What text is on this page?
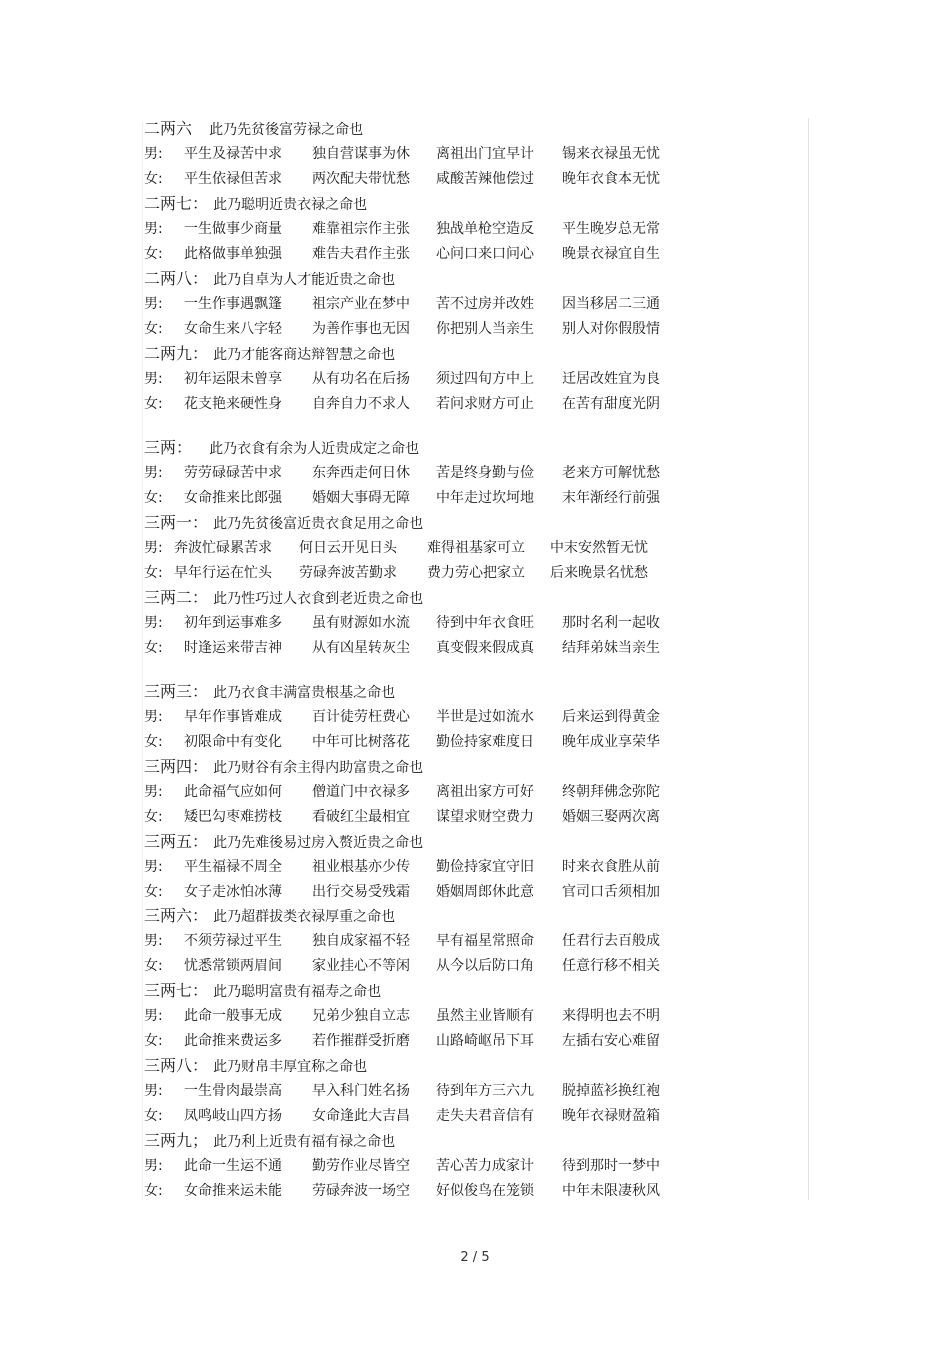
二两六 此乃先贫後富劳禄之命也
男: 平生及禄苦中求 独自营谋事为休 离祖出门宜早计 锡来衣禄虽无忧
女: 平生依禄但苦求 两次配夫带忧愁 咸酸苦辣他偿过 晚年衣食本无忧
二两七： 此乃聪明近贵衣禄之命也
男: 一生做事少商量 难靠祖宗作主张 独战单枪空造反 平生晚岁总无常
女: 此格做事单独强 难告夫君作主张 心问口来口问心 晚景衣禄宜自生
二两八： 此乃自卓为人才能近贵之命也
男: 一生作事遇飘篷 祖宗产业在梦中 苦不过房并改姓 因当移居二三通
女: 女命生来八字轻 为善作事也无因 你把别人当亲生 别人对你假殷情
二两九： 此乃才能客商达辩智慧之命也
男: 初年运限未曾享 从有功名在后扬 须过四旬方中上 迁居改姓宜为良
女: 花支艳来硬性身 自奔自力不求人 若问求财方可止 在苦有甜度光阴
三两： 此乃衣食有余为人近贵成定之命也
男: 劳劳碌碌苦中求 东奔西走何日休 苦是终身勤与俭 老来方可解忧愁
女: 女命推来比郎强 婚姻大事碍无障 中年走过坎坷地 末年渐经行前强
三两一： 此乃先贫後富近贵衣食足用之命也
男: 奔波忙碌累苦求 何日云开见日头 难得祖基家可立 中末安然暂无忧
女: 早年行运在忙头 劳碌奔波苦勤求 费力劳心把家立 后来晚景名忧愁
三两二： 此乃性巧过人衣食到老近贵之命也
男: 初年到运事难多 虽有财源如水流 待到中年衣食旺 那时名利一起收
女: 时逢运来带吉神 从有凶星转灰尘 真变假来假成真 结拜弟妹当亲生
三两三： 此乃衣食丰满富贵根基之命也
男: 早年作事皆难成 百计徒劳枉费心 半世是过如流水 后来运到得黄金
女: 初限命中有变化 中年可比树落花 勤俭持家难度日 晚年成业享荣华
三两四： 此乃财谷有余主得内助富贵之命也
男: 此命福气应如何 僧道门中衣禄多 离祖出家方可好 终朝拜佛念弥陀
女: 矮巴勾枣难捞枝 看破红尘最相宜 谋望求财空费力 婚姻三娶两次离
三两五： 此乃先难後易过房入赘近贵之命也
男: 平生福禄不周全 祖业根基亦少传 勤俭持家宜守旧 时来衣食胜从前
女: 女子走冰怕冰薄 出行交易受残霜 婚姻周郎休此意 官司口舌须相加
三两六： 此乃超群拔类衣禄厚重之命也
男: 不须劳禄过平生 独自成家福不轻 早有福星常照命 任君行去百般成
女: 忧悉常锁两眉间 家业挂心不等闲 从今以后防口角 任意行移不相关
三两七： 此乃聪明富贵有福寿之命也
男: 此命一般事无成 兄弟少独自立志 虽然主业皆顺有 来得明也去不明
女: 此命推来费运多 若作摧群受折磨 山路崎岖吊下耳 左插右安心难留
三两八： 此乃财帛丰厚宜称之命也
男: 一生骨肉最崇高 早入科门姓名扬 待到年方三六九 脱掉蓝衫换红袍
女: 凤鸣岐山四方扬 女命逢此大吉昌 走失夫君音信有 晚年衣禄财盈箱
三两九； 此乃利上近贵有福有禄之命也
男: 此命一生运不通 勤劳作业尽皆空 苦心苦力成家计 待到那时一梦中
女: 女命推来运未能 劳碌奔波一场空 好似俊鸟在笼锁 中年未限凄秋风
2 / 5
